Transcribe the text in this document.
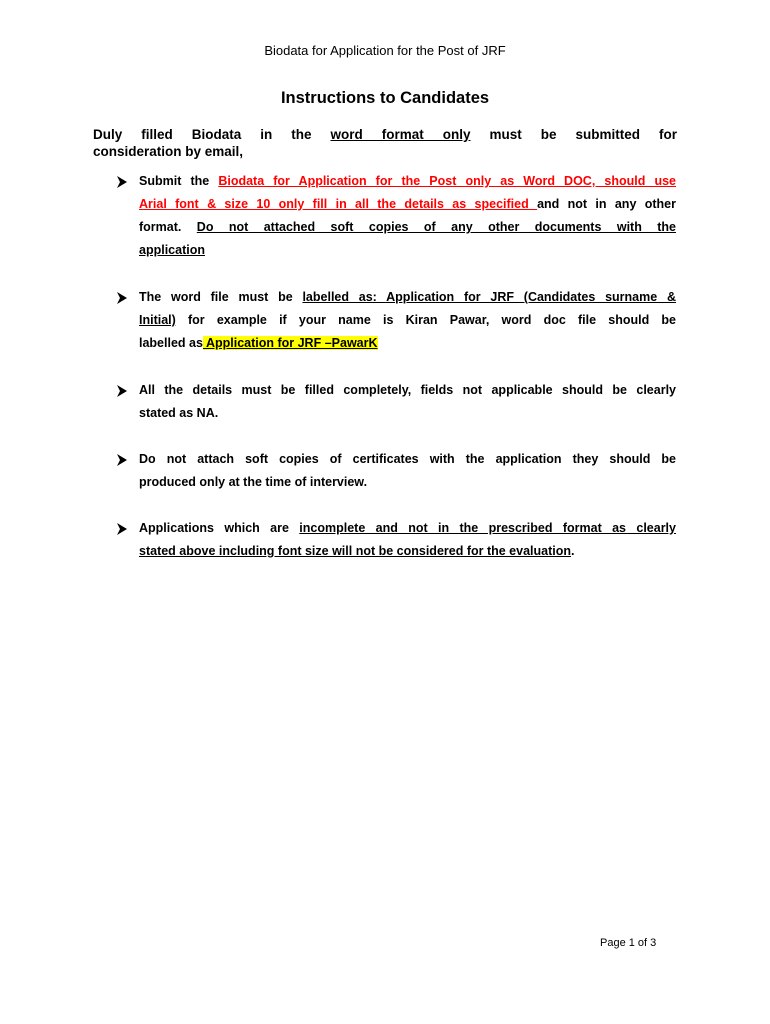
Biodata for Application for the Post of JRF
Instructions to Candidates
Duly filled Biodata in the word format only must be submitted for
consideration by email,
Submit the Biodata for Application for the Post only as Word DOC, should use
Arial font & size 10 only fill in all the details as specified and not in any other
format. Do not attached soft copies of any other documents with the
application
The word file must be labelled as: Application for JRF (Candidates surname &
Initial) for example if your name is Kiran Pawar, word doc file should be
labelled as Application for JRF –PawarK
All the details must be filled completely, fields not applicable should be clearly
stated as NA.
Do not attach soft copies of certificates with the application they should be
produced only at the time of interview.
Applications which are incomplete and not in the prescribed format as clearly
stated above including font size will not be considered for the evaluation.
Page 1 of 3
